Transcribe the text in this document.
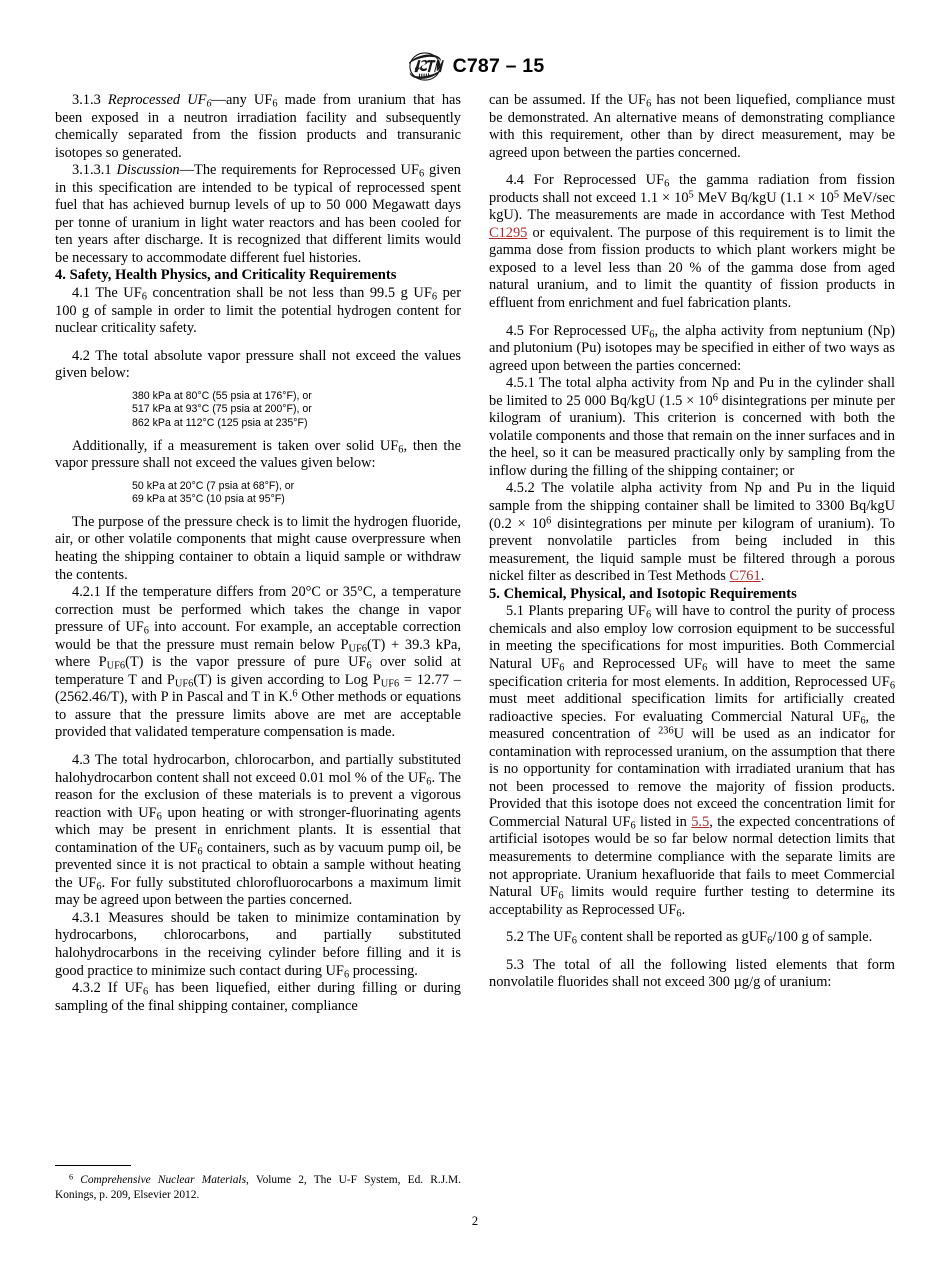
C787 – 15

3.1.3 Reprocessed $UF_6—any$ $UF_6$ made from uranium that has been exposed in a neutron irradiation facility and subsequently chemically separated from the fission products and transuranic isotopes so generated.

3.1.3.1 Discussion—The requirements for Reprocessed $UF_6$ given in this specification are intended to be typical of reprocessed spent fuel that has achieved burnup levels of up to 50 000 Megawatt days per tonne of uranium in light water reactors and has been cooled for ten years after discharge. It is recognized that different limits would be necessary to accommodate different fuel histories.

4. Safety, Health Physics, and Criticality Requirements

4.1 The $UF_6$ concentration shall be not less than 99.5 g $UF_6$ per 100 g of sample in order to limit the potential hydrogen content for nuclear criticality safety.

4.2 The total absolute vapor pressure shall not exceed the values given below:

380 kPa at 80°C (55 psia at 176°F), or
517 kPa at 93°C (75 psia at 200°F), or
862 kPa at 112°C (125 psia at 235°F)

Additionally, if a measurement is taken over solid $UF_6$, then the vapor pressure shall not exceed the values given below:

50 kPa at 20°C (7 psia at 68°F), or
69 kPa at 35°C (10 psia at 95°F)

The purpose of the pressure check is to limit the hydrogen fluoride, air, or other volatile components that might cause overpressure when heating the shipping container to obtain a liquid sample or withdraw the contents.

4.2.1 If the temperature differs from 20°C or 35°C, a temperature correction must be performed which takes the change in vapor pressure of $UF_6$ into account. For example, an acceptable correction would be that the pressure must remain below $P_{UF6}(T) + 39.3$ kPa, where $P_{UF6}(T)$ is the vapor pressure of pure $UF_6$ over solid at temperature T and $P_{UF6}(T)$ is given according to Log $P_{UF6} = 12.77 - (2562.46/T)$, with P in Pascal and T in K.$^6$ Other methods or equations to assure that the pressure limits above are met are acceptable provided that validated temperature compensation is made.

4.3 The total hydrocarbon, chlorocarbon, and partially substituted halohydrocarbon content shall not exceed 0.01 mol % of the $UF_6$. The reason for the exclusion of these materials is to prevent a vigorous reaction with $UF_6$ upon heating or with stronger-fluorinating agents which may be present in enrichment plants. It is essential that contamination of the $UF_6$ containers, such as by vacuum pump oil, be prevented since it is not practical to obtain a sample without heating the $UF_6$. For fully substituted chlorofluorocarbons a maximum limit may be agreed upon between the parties concerned.

4.3.1 Measures should be taken to minimize contamination by hydrocarbons, chlorocarbons, and partially substituted halohydrocarbons in the receiving cylinder before filling and it is good practice to minimize such contact during $UF_6$ processing.

4.3.2 If $UF_6$ has been liquefied, either during filling or during sampling of the final shipping container, compliance

$^6$ Comprehensive Nuclear Materials, Volume 2, The U-F System, Ed. R.J.M. Konings, p. 209, Elsevier 2012.

can be assumed. If the $UF_6$ has not been liquefied, compliance must be demonstrated. An alternative means of demonstrating compliance with this requirement, other than by direct measurement, may be agreed upon between the parties concerned.

4.4 For Reprocessed $UF_6$ the gamma radiation from fission products shall not exceed $1.1 \times 10^5$ MeV Bq/kgU ($1.1 \times 10^5$ MeV/sec kgU). The measurements are made in accordance with Test Method C1295 or equivalent. The purpose of this requirement is to limit the gamma dose from fission products to which plant workers might be exposed to a level less than 20 % of the gamma dose from aged natural uranium, and to limit the quantity of fission products in effluent from enrichment and fuel fabrication plants.

4.5 For Reprocessed $UF_6$, the alpha activity from neptunium (Np) and plutonium (Pu) isotopes may be specified in either of two ways as agreed upon between the parties concerned:

4.5.1 The total alpha activity from Np and Pu in the cylinder shall be limited to 25 000 Bq/kgU ($1.5 \times 10^6$ disintegrations per minute per kilogram of uranium). This criterion is concerned with both the volatile components and those that remain on the inner surfaces and in the heel, so it can be measured practically only by sampling from the inflow during the filling of the shipping container; or

4.5.2 The volatile alpha activity from Np and Pu in the liquid sample from the shipping container shall be limited to 3300 Bq/kgU ($0.2 \times 10^6$ disintegrations per minute per kilogram of uranium). To prevent nonvolatile particles from being included in this measurement, the liquid sample must be filtered through a porous nickel filter as described in Test Methods C761.

5. Chemical, Physical, and Isotopic Requirements

5.1 Plants preparing $UF_6$ will have to control the purity of process chemicals and also employ low corrosion equipment to be successful in meeting the specifications for most impurities. Both Commercial Natural $UF_6$ and Reprocessed $UF_6$ will have to meet the same specification criteria for most elements. In addition, Reprocessed $UF_6$ must meet additional specification limits for artificially created radioactive species. For evaluating Commercial Natural $UF_6$, the measured concentration of $^{236}$U will be used as an indicator for contamination with reprocessed uranium, on the assumption that there is no opportunity for contamination with irradiated uranium that has not been processed to remove the majority of fission products. Provided that this isotope does not exceed the concentration limit for Commercial Natural $UF_6$ listed in 5.5, the expected concentrations of artificial isotopes would be so far below normal detection limits that measurements to determine compliance with the separate limits are not appropriate. Uranium hexafluoride that fails to meet Commercial Natural $UF_6$ limits would require further testing to determine its acceptability as Reprocessed $UF_6$.

5.2 The $UF_6$ content shall be reported as gUF$_6$/100 g of sample.

5.3 The total of all the following listed elements that form nonvolatile fluorides shall not exceed 300 µg/g of uranium:

2
